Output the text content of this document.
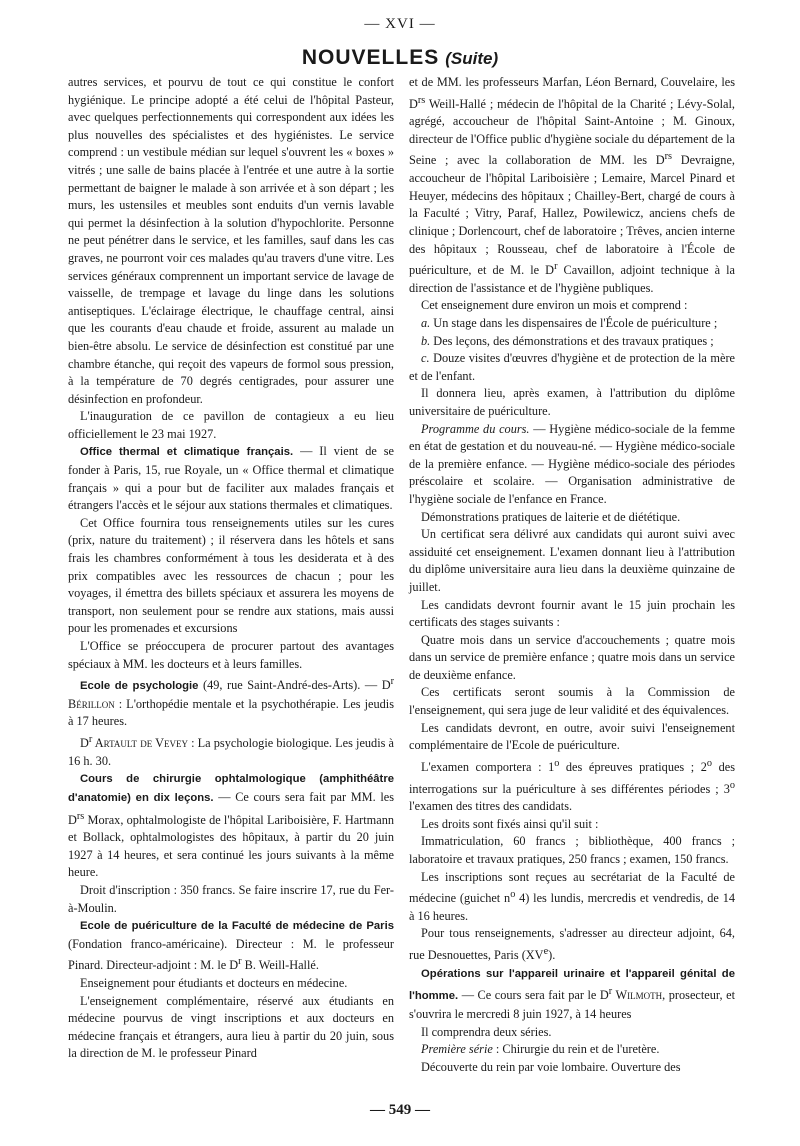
— XVI —
NOUVELLES (Suite)

autres services, et pourvu de tout ce qui constitue le confort hygiénique. Le principe adopté a été celui de l'hôpital Pasteur, avec quelques perfectionnements qui correspondent aux idées les plus nouvelles des spécialistes et des hygiénistes. Le service comprend : un vestibule médian sur lequel s'ouvrent les « boxes » vitrés ; une salle de bains placée à l'entrée et une autre à la sortie permettant de baigner le malade à son arrivée et à son départ ; les murs, les ustensiles et meubles sont enduits d'un vernis lavable qui permet la désinfection à la solution d'hypochlorite. Personne ne peut pénétrer dans le service, et les familles, sauf dans les cas graves, ne pourront voir ces malades qu'au travers d'une vitre. Les services généraux comprennent un important service de lavage de vaisselle, de trempage et lavage du linge dans les solutions antiseptiques. L'éclairage électrique, le chauffage central, ainsi que les courants d'eau chaude et froide, assurent au malade un bien-être absolu. Le service de désinfection est constitué par une chambre étanche, qui reçoit des vapeurs de formol sous pression, à la température de 70 degrés centigrades, pour assurer une désinfection en profondeur.

L'inauguration de ce pavillon de contagieux a eu lieu officiellement le 23 mai 1927.

Office thermal et climatique français. — Il vient de se fonder à Paris, 15, rue Royale, un « Office thermal et climatique français » qui a pour but de faciliter aux malades français et étrangers l'accès et le séjour aux stations thermales et climatiques.

Cet Office fournira tous renseignements utiles sur les cures (prix, nature du traitement) ; il réservera dans les hôtels et sans frais les chambres conformément à tous les desiderata et à des prix compatibles avec les ressources de chacun ; pour les voyages, il émettra des billets spéciaux et assurera les moyens de transport, non seulement pour se rendre aux stations, mais aussi pour les promenades et excursions

L'Office se préoccupera de procurer partout des avantages spéciaux à MM. les docteurs et à leurs familles.

Ecole de psychologie (49, rue Saint-André-des-Arts). — $D^r$ Bérillon : L'orthopédie mentale et la psychothérapie. Les jeudis à 17 heures.

$D^r$ Artault de Vevey : La psychologie biologique. Les jeudis à 16 h. 30.

Cours de chirurgie ophtalmologique (amphithéâtre d'anatomie) en dix leçons. — Ce cours sera fait par MM. les $D^{rs}$ Morax, ophtalmologiste de l'hôpital Lariboisière, F. Hartmann et Bollack, ophtalmologistes des hôpitaux, à partir du 20 juin 1927 à 14 heures, et sera continué les jours suivants à la même heure.

Droit d'inscription : 350 francs. Se faire inscrire 17, rue du Fer-à-Moulin.

Ecole de puériculture de la Faculté de médecine de Paris (Fondation franco-américaine). Directeur : M. le professeur Pinard. Directeur-adjoint : M. le $D^r$ B. Weill-Hallé.

Enseignement pour étudiants et docteurs en médecine.

L'enseignement complémentaire, réservé aux étudiants en médecine pourvus de vingt inscriptions et aux docteurs en médecine français et étrangers, aura lieu à partir du 20 juin, sous la direction de M. le professeur Pinard

et de MM. les professeurs Marfan, Léon Bernard, Couvelaire, les $D^{rs}$ Weill-Hallé ; médecin de l'hôpital de la Charité ; Lévy-Solal, agrégé, accoucheur de l'hôpital Saint-Antoine ; M. Ginoux, directeur de l'Office public d'hygiène sociale du département de la Seine ; avec la collaboration de MM. les $D^{rs}$ Devraigne, accoucheur de l'hôpital Lariboisière ; Lemaire, Marcel Pinard et Heuyer, médecins des hôpitaux ; Chailley-Bert, chargé de cours à la Faculté ; Vitry, Paraf, Hallez, Powilewicz, anciens chefs de clinique ; Dorlencourt, chef de laboratoire ; Trêves, ancien interne des hôpitaux ; Rousseau, chef de laboratoire à l'École de puériculture, et de M. le $D^r$ Cavaillon, adjoint technique à la direction de l'assistance et de l'hygiène publiques.

Cet enseignement dure environ un mois et comprend :

a. Un stage dans les dispensaires de l'École de puériculture ;

b. Des leçons, des démonstrations et des travaux pratiques ;

c. Douze visites d'œuvres d'hygiène et de protection de la mère et de l'enfant.

Il donnera lieu, après examen, à l'attribution du diplôme universitaire de puériculture.

Programme du cours. — Hygiène médico-sociale de la femme en état de gestation et du nouveau-né. — Hygiène médico-sociale de la première enfance. — Hygiène médico-sociale des périodes préscolaire et scolaire. — Organisation administrative de l'hygiène sociale de l'enfance en France.

Démonstrations pratiques de laiterie et de diététique.

Un certificat sera délivré aux candidats qui auront suivi avec assiduité cet enseignement. L'examen donnant lieu à l'attribution du diplôme universitaire aura lieu dans la deuxième quinzaine de juillet.

Les candidats devront fournir avant le 15 juin prochain les certificats des stages suivants :

Quatre mois dans un service d'accouchements ; quatre mois dans un service de première enfance ; quatre mois dans un service de deuxième enfance.

Ces certificats seront soumis à la Commission de l'enseignement, qui sera juge de leur validité et des équivalences.

Les candidats devront, en outre, avoir suivi l'enseignement complémentaire de l'Ecole de puériculture.

L'examen comportera : 1$^o$ des épreuves pratiques ; 2$^o$ des interrogations sur la puériculture à ses différentes périodes ; 3$^o$ l'examen des titres des candidats.

Les droits sont fixés ainsi qu'il suit :

Immatriculation, 60 francs ; bibliothèque, 400 francs ; laboratoire et travaux pratiques, 250 francs ; examen, 150 francs.

Les inscriptions sont reçues au secrétariat de la Faculté de médecine (guichet $n^o$ 4) les lundis, mercredis et vendredis, de 14 à 16 heures.

Pour tous renseignements, s'adresser au directeur adjoint, 64, rue Desnouettes, Paris (XVe).

Opérations sur l'appareil urinaire et l'appareil génital de l'homme. — Ce cours sera fait par le $D^r$ Wilmoth, prosecteur, et s'ouvrira le mercredi 8 juin 1927, à 14 heures

Il comprendra deux séries.

Première série : Chirurgie du rein et de l'uretère.

Découverte du rein par voie lombaire. Ouverture des

— 549 —
